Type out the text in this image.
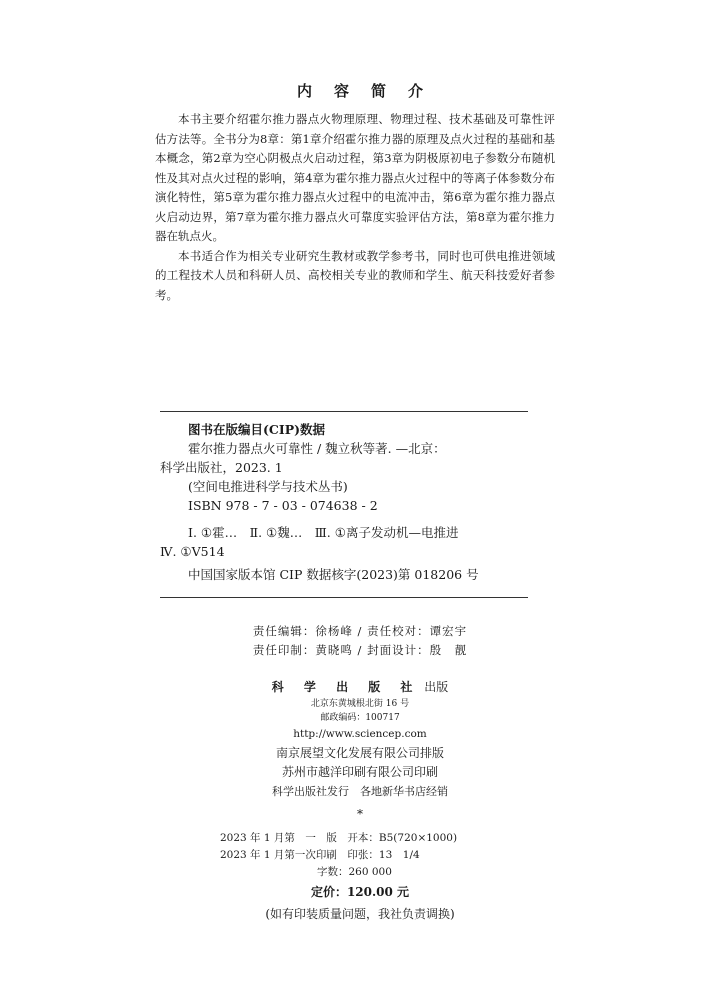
内容简介

本书主要介绍霍尔推力器点火物理原理、物理过程、技术基础及可靠性评估方法等。全书分为8章：第1章介绍霍尔推力器的原理及点火过程的基础和基本概念，第2章为空心阴极点火启动过程，第3章为阴极原初电子参数分布随机性及其对点火过程的影响，第4章为霍尔推力器点火过程中的等离子体参数分布演化特性，第5章为霍尔推力器点火过程中的电流冲击，第6章为霍尔推力器点火启动边界，第7章为霍尔推力器点火可靠度实验评估方法，第8章为霍尔推力器在轨点火。

本书适合作为相关专业研究生教材或教学参考书，同时也可供电推进领域的工程技术人员和科研人员、高校相关专业的教师和学生、航天科技爱好者参考。

图书在版编目(CIP)数据
霍尔推力器点火可靠性 / 魏立秋等著. —北京：
科学出版社，2023. 1
(空间电推进科学与技术丛书)
ISBN 978 - 7 - 03 - 074638 - 2
Ⅰ. ①霍…　Ⅱ. ①魏…　Ⅲ. ①离子发动机—电推进
Ⅳ. ①V514
中国国家版本馆 CIP 数据核字(2023)第 018206 号
责任编辑：徐杨峰 / 责任校对：谭宏宇
责任印制：黄晓鸣 / 封面设计：殷　靓
科 学 出 版 社 出版
北京东黄城根北街 16 号
邮政编码：100717
http://www.sciencep.com
南京展望文化发展有限公司排版
苏州市越洋印刷有限公司印刷
科学出版社发行　各地新华书店经销
*
2023 年 1 月第　一　版　开本：B5(720×1000)
2023 年 1 月第一次印刷　印张：13　1/4
字数：260 000
定价：120.00 元
(如有印装质量问题，我社负责调换)
